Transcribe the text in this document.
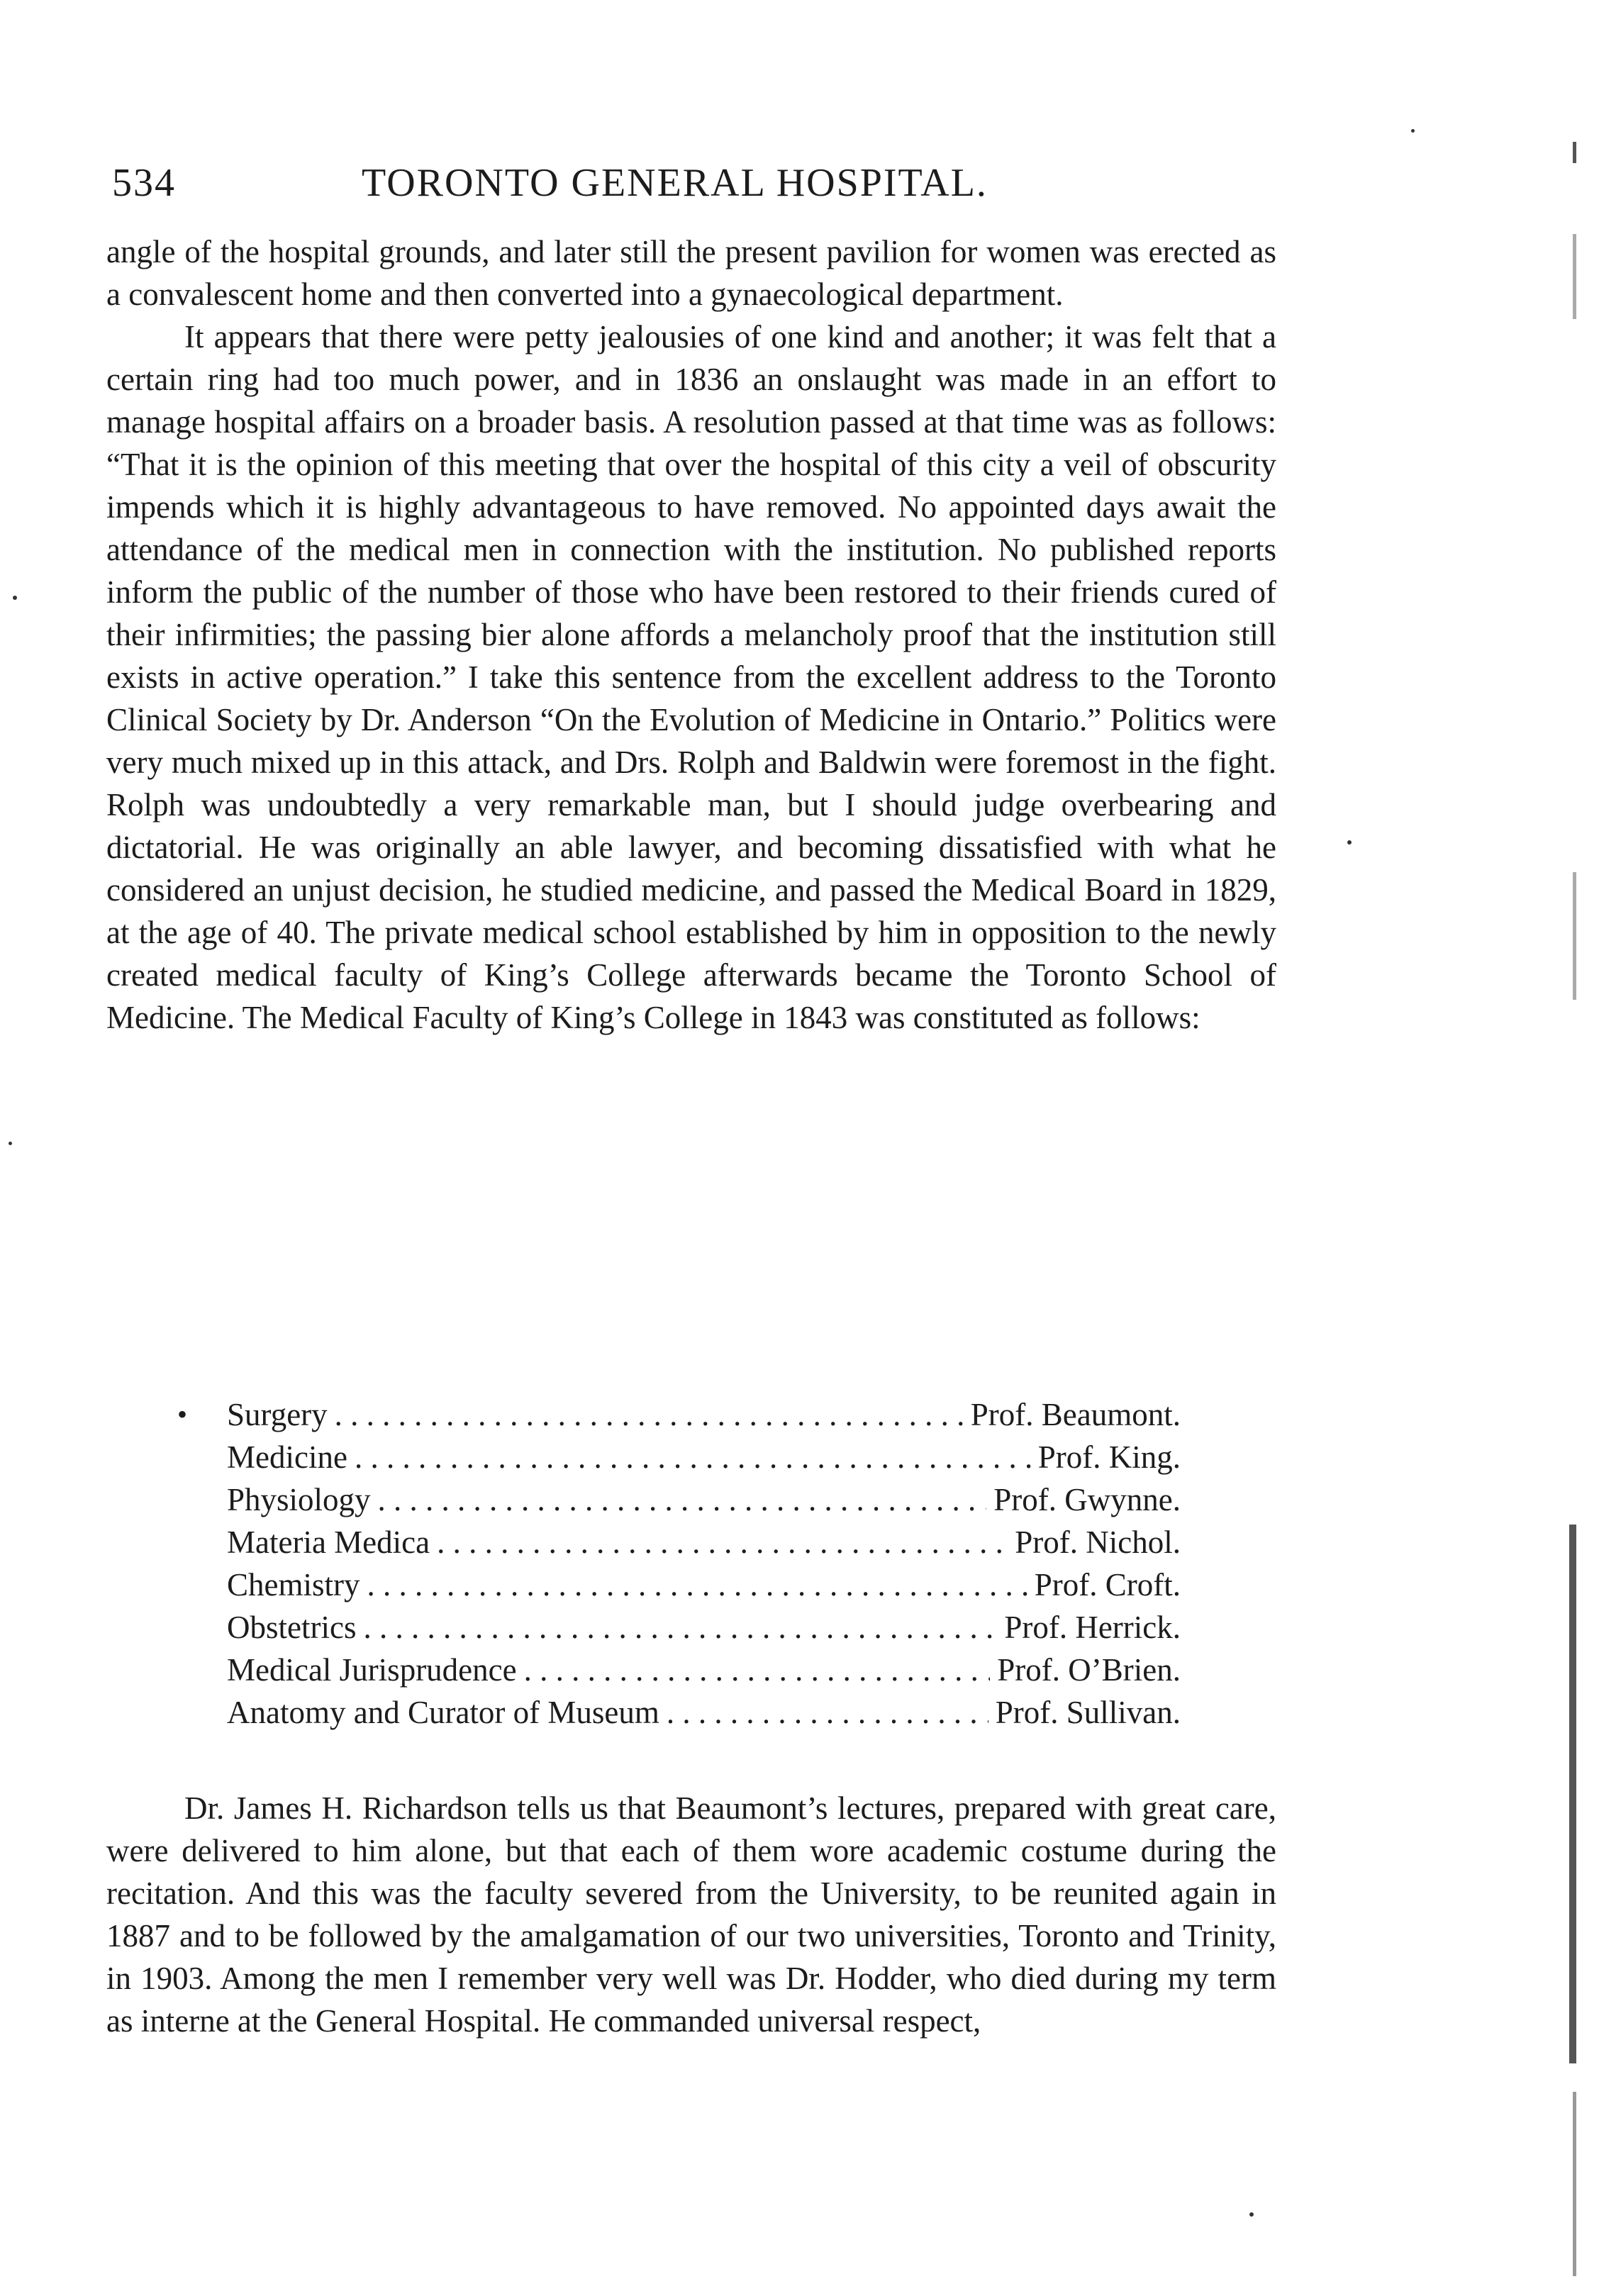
534	TORONTO GENERAL HOSPITAL.

angle of the hospital grounds, and later still the present pavilion for women was erected as a convalescent home and then converted into a gynaecological department.

It appears that there were petty jealousies of one kind and another; it was felt that a certain ring had too much power, and in 1836 an onslaught was made in an effort to manage hospital affairs on a broader basis. A resolution passed at that time was as follows: “That it is the opinion of this meeting that over the hospital of this city a veil of obscurity impends which it is highly advantageous to have removed. No appointed days await the attendance of the medical men in connection with the institution. No published reports inform the public of the number of those who have been restored to their friends cured of their infirmities; the passing bier alone affords a melancholy proof that the institution still exists in active operation.” I take this sentence from the excellent address to the Toronto Clinical Society by Dr. Anderson “On the Evolution of Medicine in Ontario.” Politics were very much mixed up in this attack, and Drs. Rolph and Baldwin were foremost in the fight. Rolph was undoubtedly a very remarkable man, but I should judge overbearing and dictatorial. He was originally an able lawyer, and becoming dissatisfied with what he considered an unjust decision, he studied medicine, and passed the Medical Board in 1829, at the age of 40. The private medical school established by him in opposition to the newly created medical faculty of King’s College afterwards became the Toronto School of Medicine. The Medical Faculty of King’s College in 1843 was constituted as follows:

• Surgery . . .	Prof. Beaumont.
Medicine . . .	Prof. King.
Physiology . . .	Prof. Gwynne.
Materia Medica . . .	Prof. Nichol.
Chemistry . . .	Prof. Croft.
Obstetrics . . .	Prof. Herrick.
Medical Jurisprudence . . .	Prof. O’Brien.
Anatomy and Curator of Museum . . .	Prof. Sullivan.

Dr. James H. Richardson tells us that Beaumont’s lectures, prepared with great care, were delivered to him alone, but that each of them wore academic costume during the recitation. And this was the faculty severed from the University, to be reunited again in 1887 and to be followed by the amalgamation of our two universities, Toronto and Trinity, in 1903. Among the men I remember very well was Dr. Hodder, who died during my term as interne at the General Hospital. He commanded universal respect,
